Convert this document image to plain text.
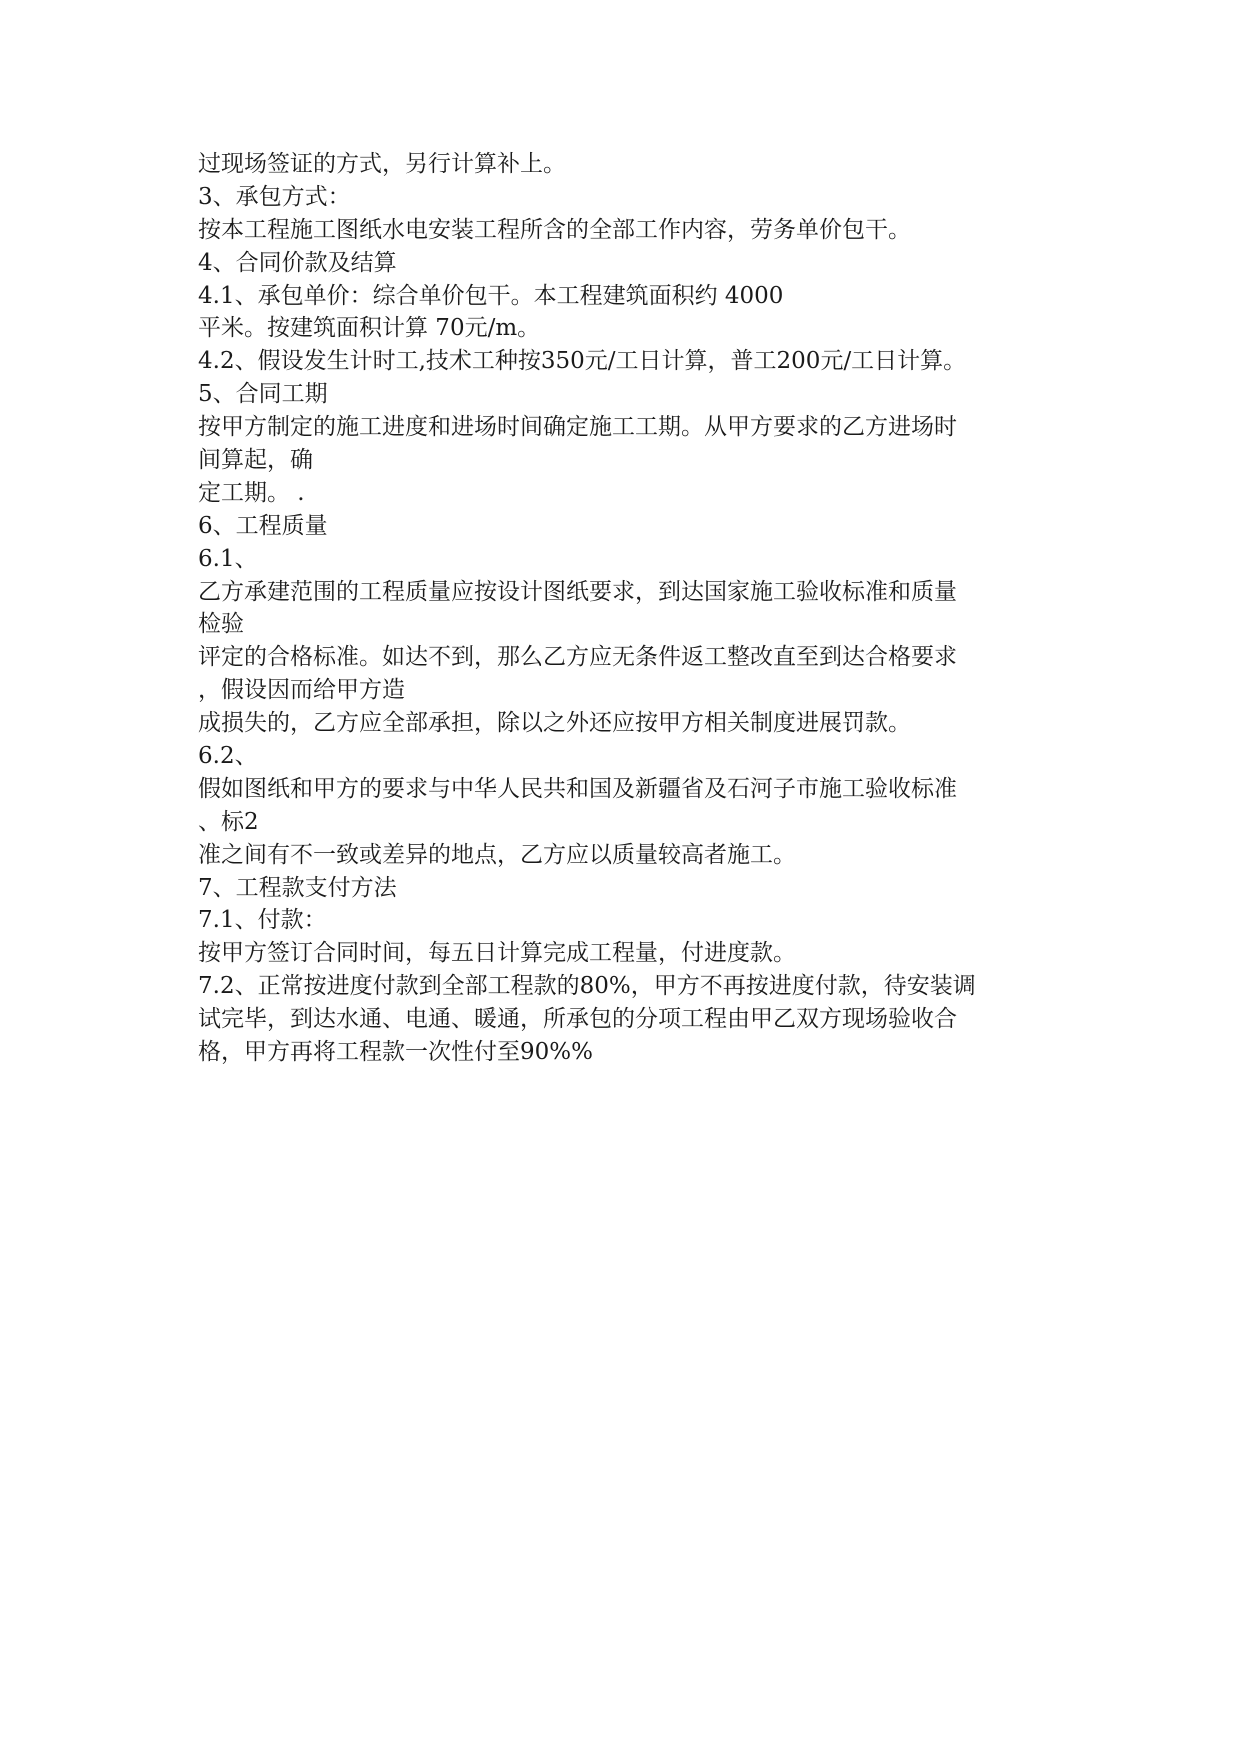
过现场签证的方式，另行计算补上。
3、承包方式：
按本工程施工图纸水电安装工程所含的全部工作内容，劳务单价包干。
4、合同价款及结算
4.1、承包单价：综合单价包干。本工程建筑面积约 4000
平米。按建筑面积计算 70元/m。
4.2、假设发生计时工,技术工种按350元/工日计算，普工200元/工日计算。
5、合同工期
按甲方制定的施工进度和进场时间确定施工工期。从甲方要求的乙方进场时
间算起，确
定工期。 .
6、工程质量
6.1、
乙方承建范围的工程质量应按设计图纸要求，到达国家施工验收标准和质量
检验
评定的合格标准。如达不到，那么乙方应无条件返工整改直至到达合格要求
，假设因而给甲方造
成损失的，乙方应全部承担，除以之外还应按甲方相关制度进展罚款。
6.2、
假如图纸和甲方的要求与中华人民共和国及新疆省及石河子市施工验收标准
、标2
准之间有不一致或差异的地点，乙方应以质量较高者施工。
7、工程款支付方法
7.1、付款：
按甲方签订合同时间，每五日计算完成工程量，付进度款。
7.2、正常按进度付款到全部工程款的80%，甲方不再按进度付款，待安装调
试完毕，到达水通、电通、暖通，所承包的分项工程由甲乙双方现场验收合
格，甲方再将工程款一次性付至90%%
